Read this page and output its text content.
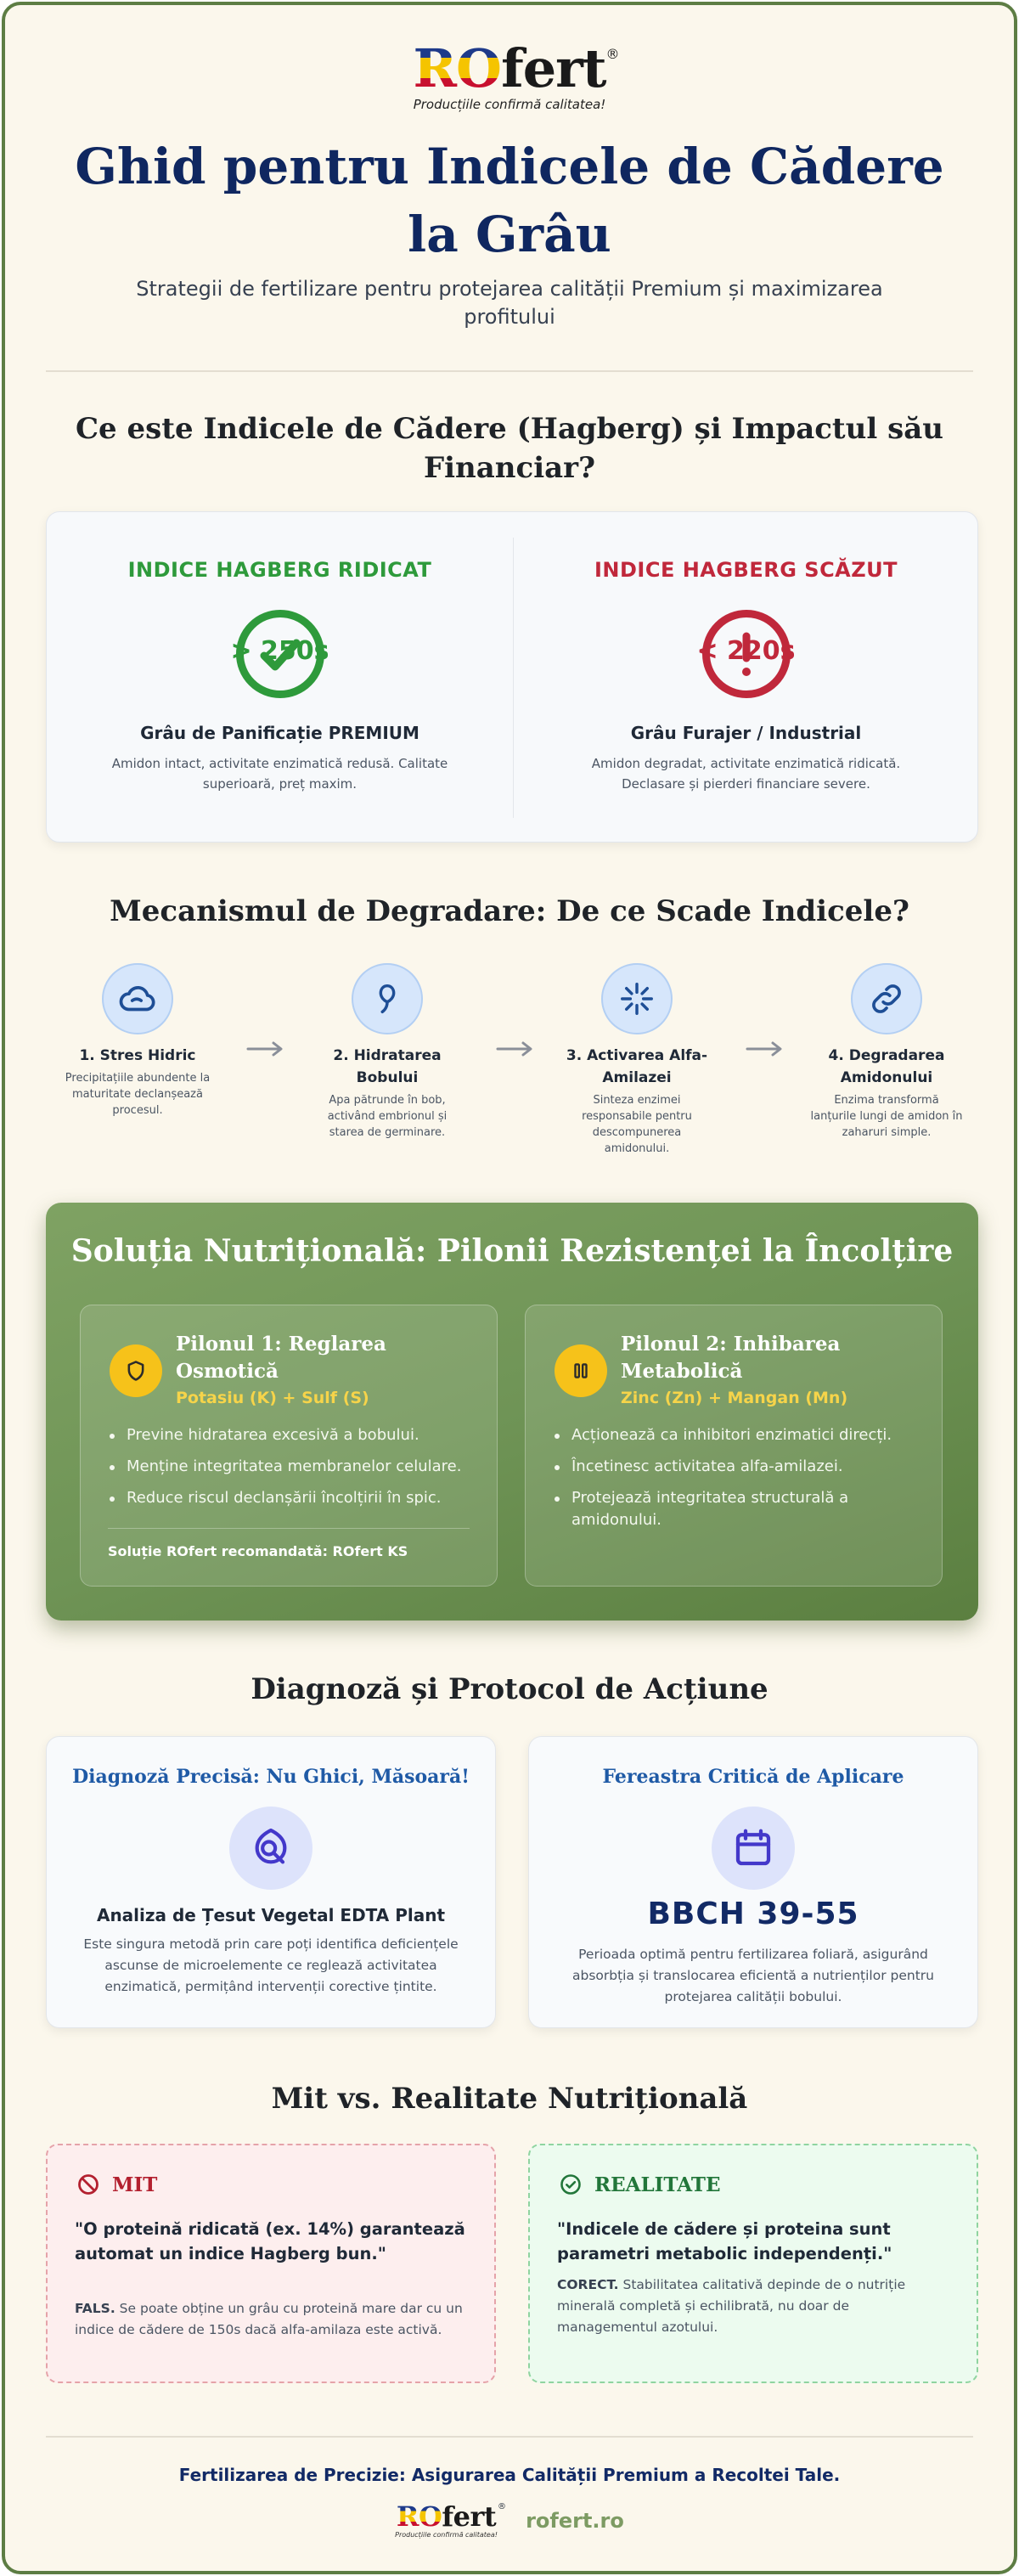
ROfert ®
Producțiile confirmă calitatea!
Ghid pentru Indicele de Cădere la Grâu

Strategii de fertilizare pentru protejarea calității Premium și maximizarea profitului

Ce este Indicele de Cădere (Hagberg) și Impactul său Financiar?
INDICE HAGBERG RIDICAT
> 250s
Grâu de Panificație PREMIUM
Amidon intact, activitate enzimatică redusă. Calitate superioară, preț maxim.
INDICE HAGBERG SCĂZUT
< 220s
Grâu Furajer / Industrial
Amidon degradat, activitate enzimatică ridicată. Declasare și pierderi financiare severe.
Mecanismul de Degradare: De ce Scade Indicele?
1. Stres Hidric
Precipitațiile abundente la maturitate declanșează procesul.
2. Hidratarea Bobului
Apa pătrunde în bob, activând embrionul și starea de germinare.
3. Activarea Alfa-Amilazei
Sinteza enzimei responsabile pentru descompunerea amidonului.
4. Degradarea Amidonului
Enzima transformă lanțurile lungi de amidon în zaharuri simple.
Soluția Nutrițională: Pilonii Rezistenței la Încolțire
Pilonul 1: Reglarea Osmotică
Potasiu (K) + Sulf (S)
Previne hidratarea excesivă a bobului.
Menține integritatea membranelor celulare.
Reduce riscul declanșării încolțirii în spic.
Soluție ROfert recomandată: ROfert KS
Pilonul 2: Inhibarea Metabolică
Zinc (Zn) + Mangan (Mn)
Acționează ca inhibitori enzimatici direcți.
Încetinesc activitatea alfa-amilazei.
Protejează integritatea structurală a amidonului.
Diagnoză și Protocol de Acțiune
Diagnoză Precisă: Nu Ghici, Măsoară!
Analiza de Țesut Vegetal EDTA Plant
Este singura metodă prin care poți identifica deficiențele ascunse de microelemente ce reglează activitatea enzimatică, permițând intervenții corective țintite.
Fereastra Critică de Aplicare
BBCH 39-55
Perioada optimă pentru fertilizarea foliară, asigurând absorbția și translocarea eficientă a nutrienților pentru protejarea calității bobului.
Mit vs. Realitate Nutrițională
MIT
"O proteină ridicată (ex. 14%) garantează automat un indice Hagberg bun."
FALS. Se poate obține un grâu cu proteină mare dar cu un indice de cădere de 150s dacă alfa-amilaza este activă.
REALITATE
"Indicele de cădere și proteina sunt parametri metabolic independenți."
CORECT. Stabilitatea calitativă depinde de o nutriție minerală completă și echilibrată, nu doar de managementul azotului.
Fertilizarea de Precizie: Asigurarea Calității Premium a Recoltei Tale.
ROfert ®
Producțiile confirmă calitatea!
rofert.ro
